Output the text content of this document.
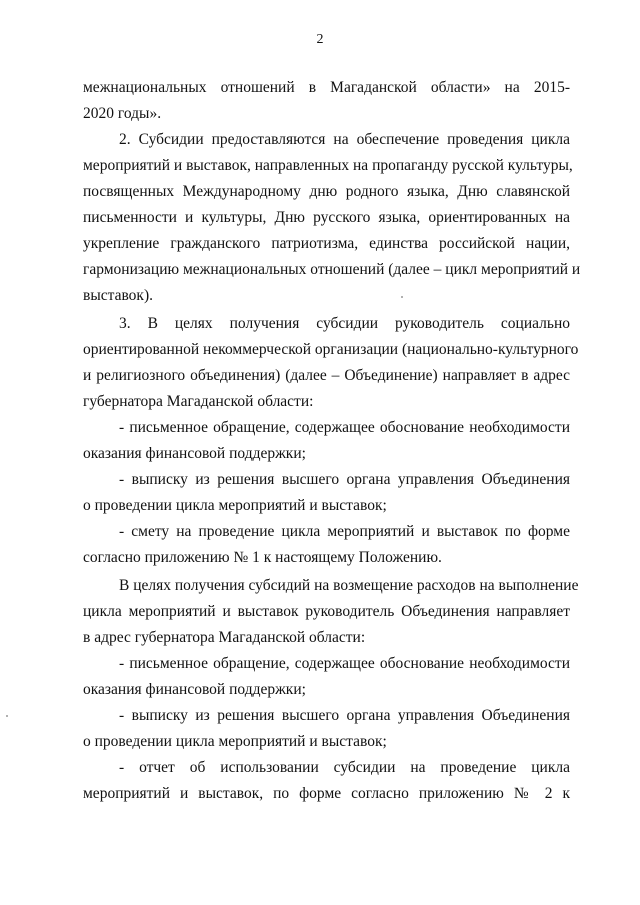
2
межнациональных отношений в Магаданской области» на 2015-
2020 годы».
2. Субсидии предоставляются на обеспечение проведения цикла
мероприятий и выставок, направленных на пропаганду русской культуры,
посвященных Международному дню родного языка, Дню славянской
письменности и культуры, Дню русского языка, ориентированных на
укрепление гражданского патриотизма, единства российской нации,
гармонизацию межнациональных отношений (далее – цикл мероприятий и
выставок).
3. В целях получения субсидии руководитель социально
ориентированной некоммерческой организации (национально-культурного
и религиозного объединения) (далее – Объединение) направляет в адрес
губернатора Магаданской области:
- письменное обращение, содержащее обоснование необходимости
оказания финансовой поддержки;
- выписку из решения высшего органа управления Объединения
о проведении цикла мероприятий и выставок;
- смету на проведение цикла мероприятий и выставок по форме
согласно приложению № 1 к настоящему Положению.
В целях получения субсидий на возмещение расходов на выполнение
цикла мероприятий и выставок руководитель Объединения направляет
в адрес губернатора Магаданской области:
- письменное обращение, содержащее обоснование необходимости
оказания финансовой поддержки;
- выписку из решения высшего органа управления Объединения
о проведении цикла мероприятий и выставок;
- отчет об использовании субсидии на проведение цикла
мероприятий и выставок, по форме согласно приложению № 2 к
